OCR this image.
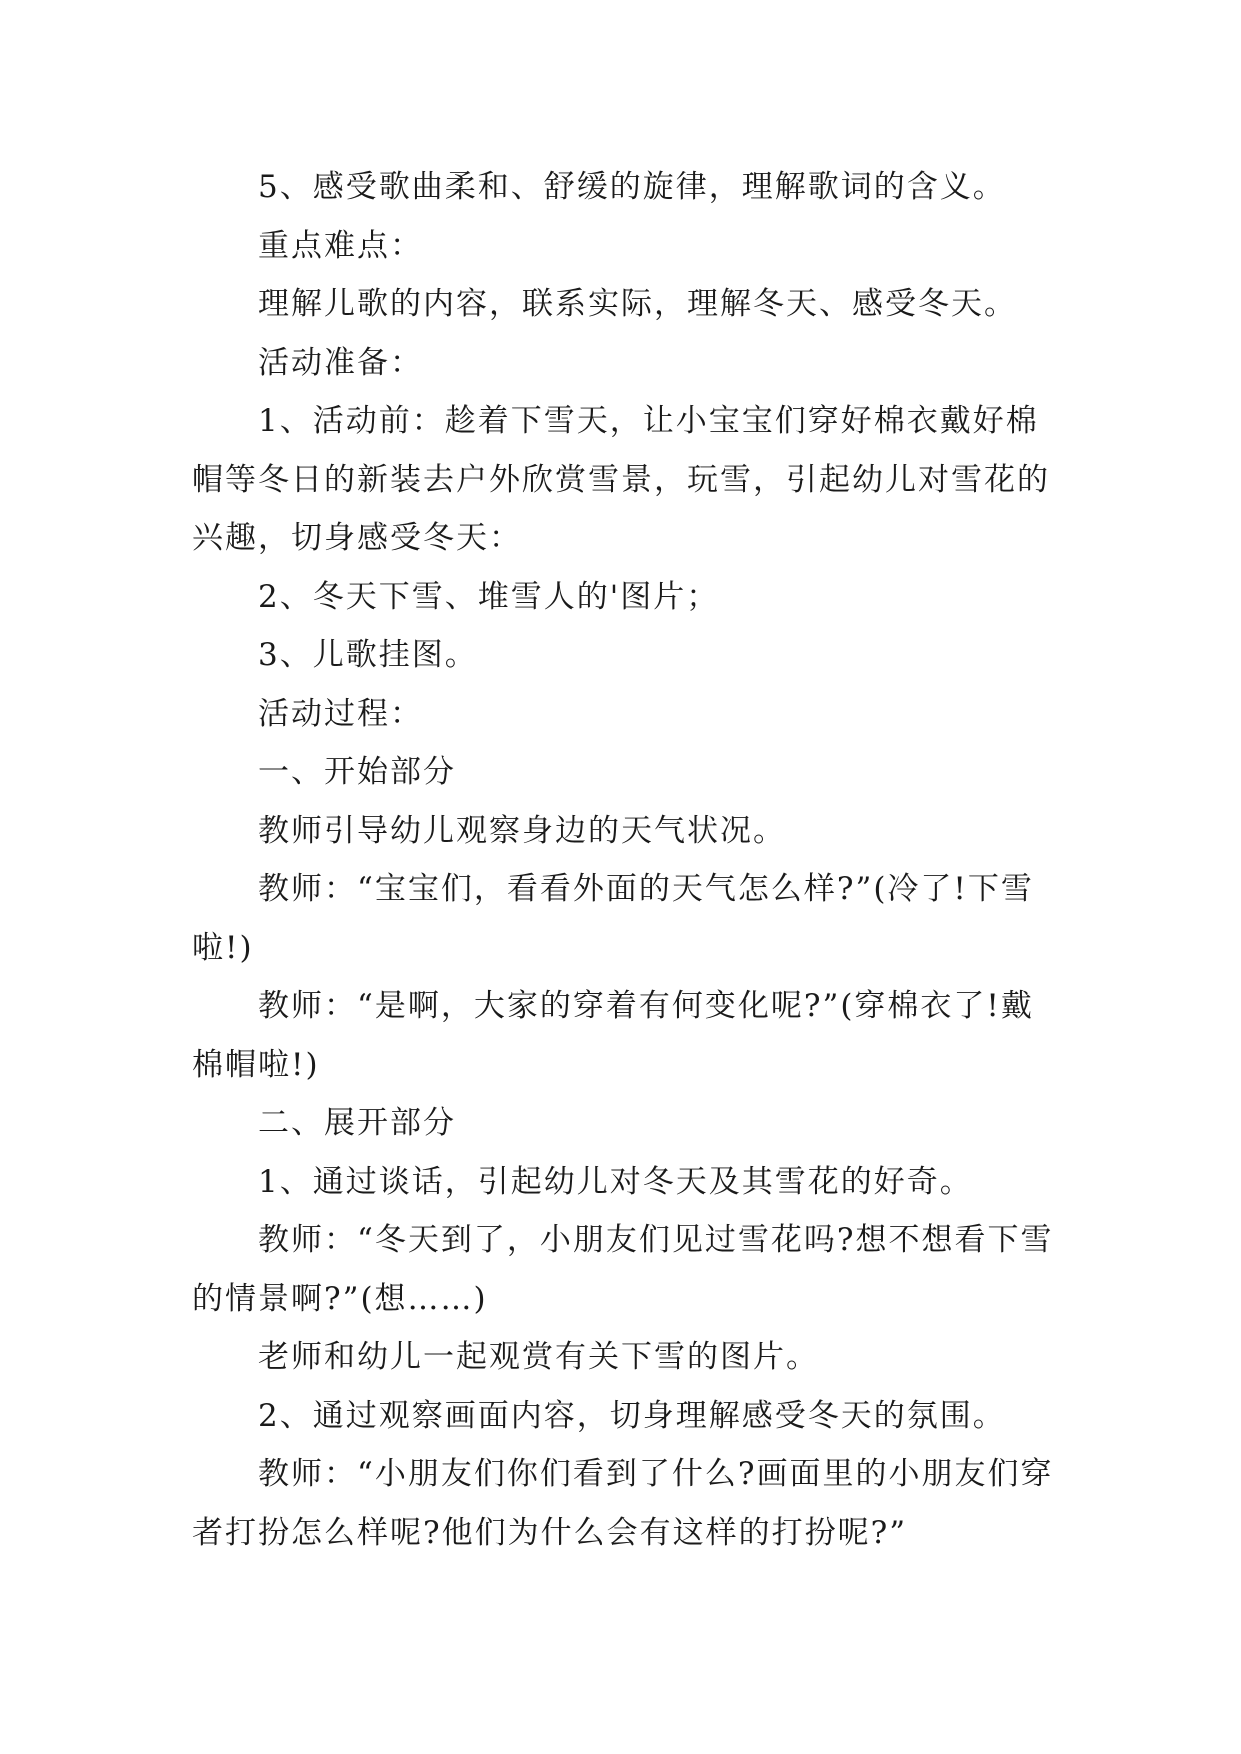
5、感受歌曲柔和、舒缓的旋律，理解歌词的含义。

重点难点：

理解儿歌的内容，联系实际，理解冬天、感受冬天。

活动准备：

1、活动前：趁着下雪天，让小宝宝们穿好棉衣戴好棉
帽等冬日的新装去户外欣赏雪景，玩雪，引起幼儿对雪花的
兴趣，切身感受冬天：

2、冬天下雪、堆雪人的'图片；

3、儿歌挂图。

活动过程：

一、开始部分

教师引导幼儿观察身边的天气状况。

教师：“宝宝们，看看外面的天气怎么样?”(冷了!下雪
啦!)

教师：“是啊，大家的穿着有何变化呢?”(穿棉衣了!戴
棉帽啦!)

二、展开部分

1、通过谈话，引起幼儿对冬天及其雪花的好奇。

教师：“冬天到了，小朋友们见过雪花吗?想不想看下雪
的情景啊?”(想……)

老师和幼儿一起观赏有关下雪的图片。

2、通过观察画面内容，切身理解感受冬天的氛围。

教师：“小朋友们你们看到了什么?画面里的小朋友们穿
者打扮怎么样呢?他们为什么会有这样的打扮呢?”
